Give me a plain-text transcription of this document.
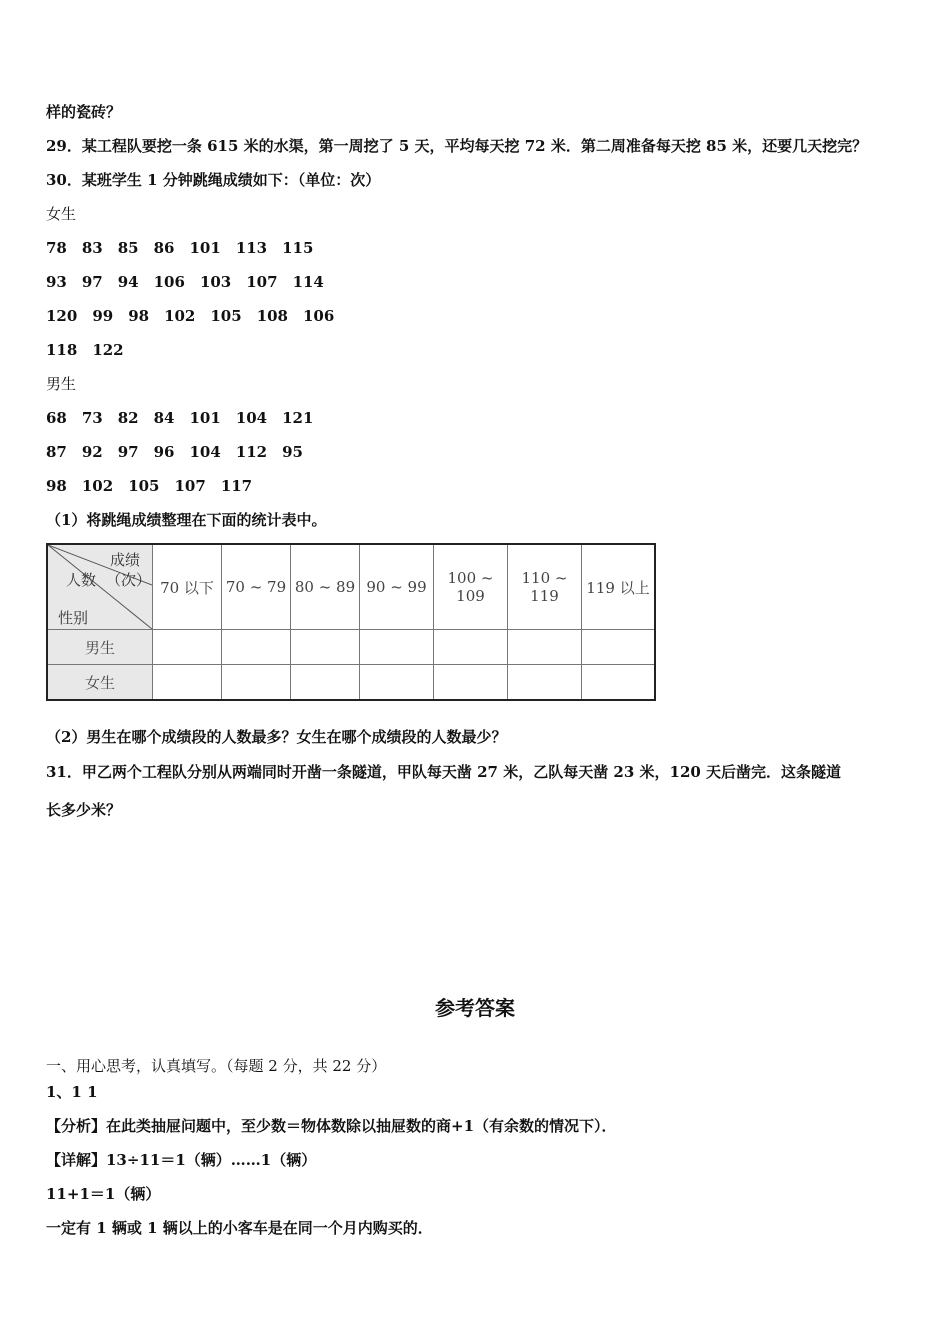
样的瓷砖？
29．某工程队要挖一条 615 米的水渠，第一周挖了 5 天，平均每天挖 72 米．第二周准备每天挖 85 米，还要几天挖完？
30．某班学生 1 分钟跳绳成绩如下：（单位：次）
女生
78 83 85 86 101 113 115
93 97 94 106 103 107 114
120 99 98 102 105 108 106
118 122
男生
68 73 82 84 101 104 121
87 92 97 96 104 112 95
98 102 105 107 117
（1）将跳绳成绩整理在下面的统计表中。
成绩
（次）
人数
性别	70 以下	70 ~ 79	80 ~ 89	90 ~ 99	100 ~ 109	110 ~ 119	119 以上
男生							
女生							
（2）男生在哪个成绩段的人数最多？女生在哪个成绩段的人数最少？
31．甲乙两个工程队分别从两端同时开凿一条隧道，甲队每天凿 27 米，乙队每天凿 23 米，120 天后凿完．这条隧道
长多少米？
参考答案
一、用心思考，认真填写。（每题 2 分，共 22 分）
1、1 1
【分析】在此类抽屉问题中，至少数＝物体数除以抽屉数的商+1（有余数的情况下）．
【详解】13÷11＝1（辆）……1（辆）
11+1＝1（辆）
一定有 1 辆或 1 辆以上的小客车是在同一个月内购买的．
